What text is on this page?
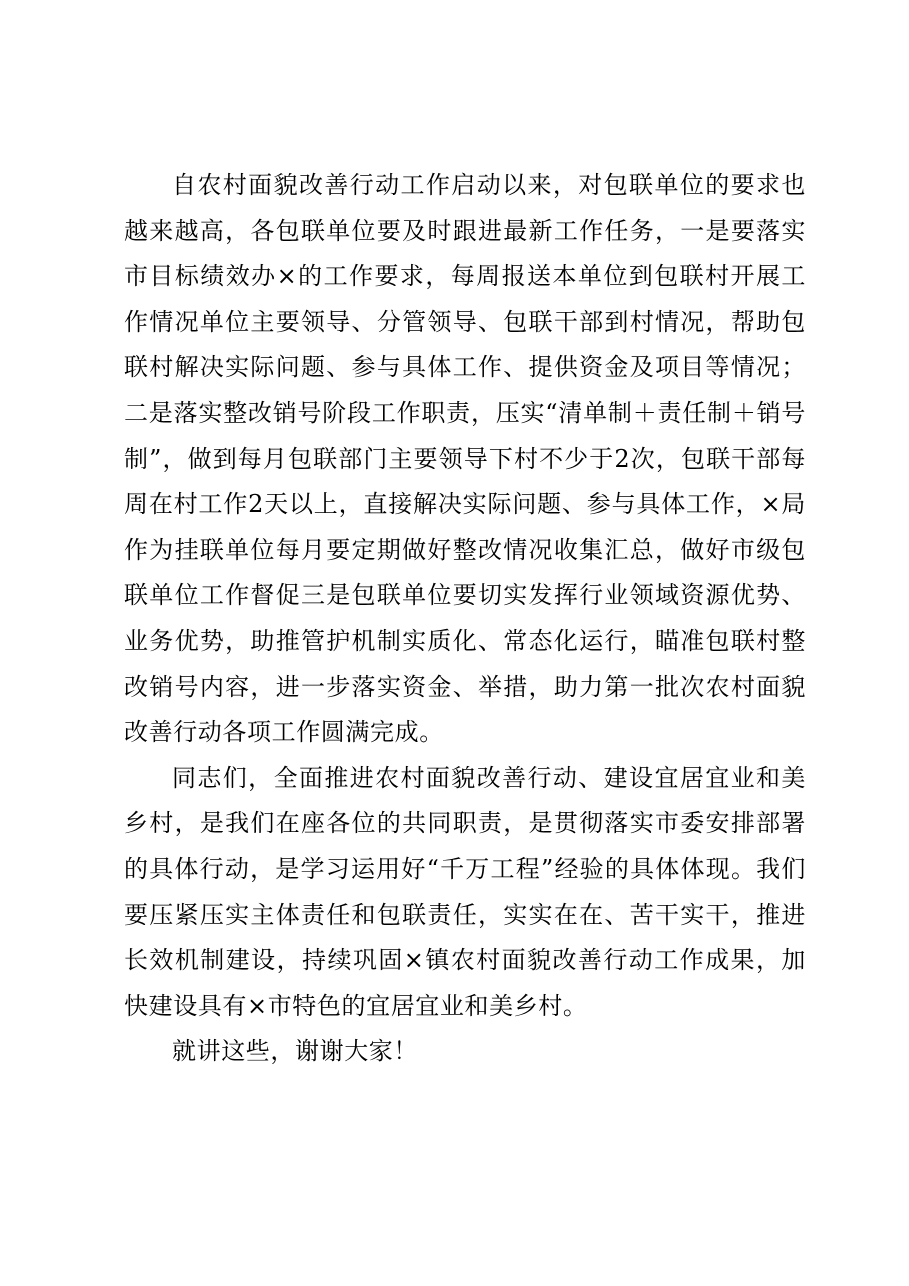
自农村面貌改善行动工作启动以来，对包联单位的要求也越来越高，各包联单位要及时跟进最新工作任务，一是要落实市目标绩效办×的工作要求，每周报送本单位到包联村开展工作情况单位主要领导、分管领导、包联干部到村情况，帮助包联村解决实际问题、参与具体工作、提供资金及项目等情况；二是落实整改销号阶段工作职责，压实“清单制＋责任制＋销号制”，做到每月包联部门主要领导下村不少于2次，包联干部每周在村工作2天以上，直接解决实际问题、参与具体工作，×局作为挂联单位每月要定期做好整改情况收集汇总，做好市级包联单位工作督促三是包联单位要切实发挥行业领域资源优势、业务优势，助推管护机制实质化、常态化运行，瞄准包联村整改销号内容，进一步落实资金、举措，助力第一批次农村面貌改善行动各项工作圆满完成。

同志们，全面推进农村面貌改善行动、建设宜居宜业和美乡村，是我们在座各位的共同职责，是贯彻落实市委安排部署的具体行动，是学习运用好“千万工程”经验的具体体现。我们要压紧压实主体责任和包联责任，实实在在、苦干实干，推进长效机制建设，持续巩固×镇农村面貌改善行动工作成果，加快建设具有×市特色的宜居宜业和美乡村。

就讲这些，谢谢大家！
